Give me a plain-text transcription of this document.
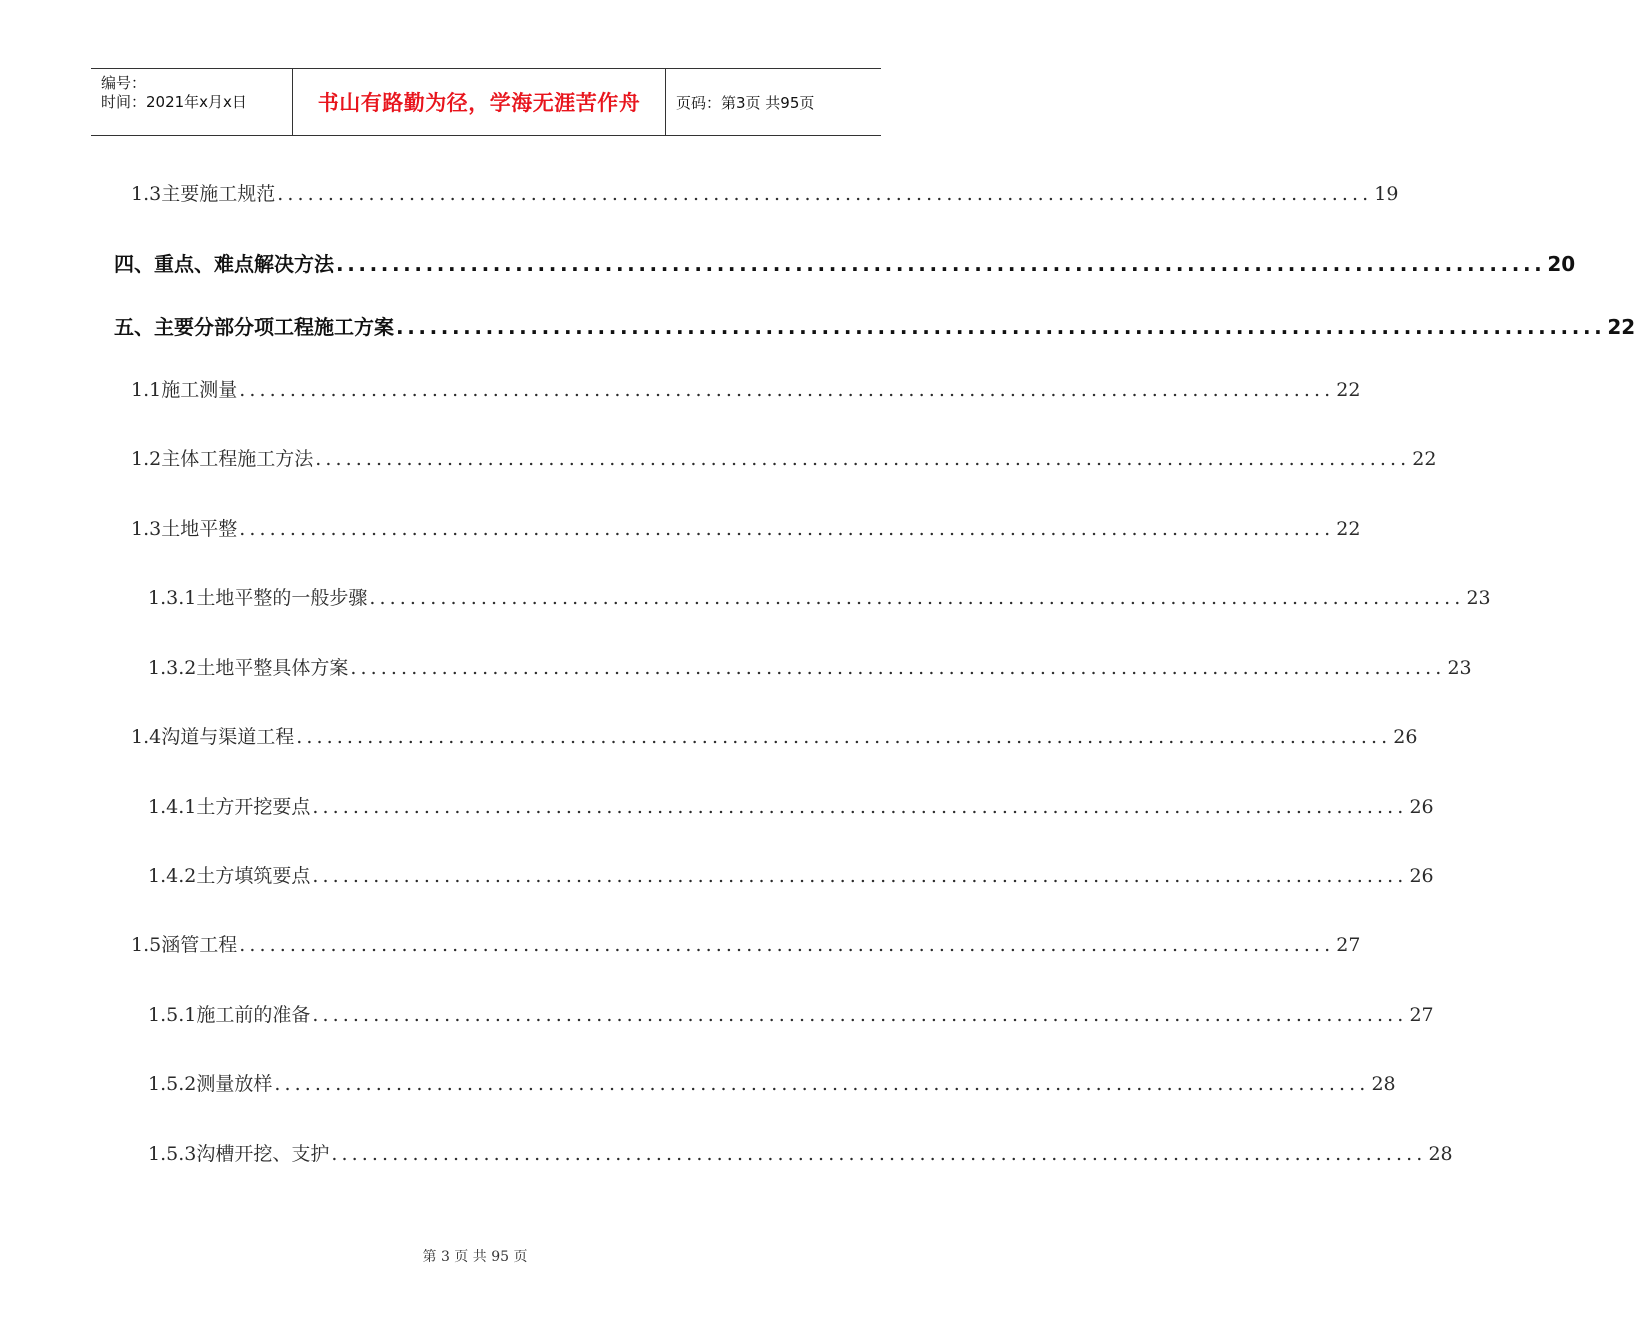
编号：
时间：2021年x月x日	书山有路勤为径，学海无涯苦作舟 页码：第3页 共95页
1.3主要施工规范 ............................................................................................................ 19
四、重点、难点解决方法 ............................................................................................................ 20
五、主要分部分项工程施工方案 ............................................................................................................ 22
1.1施工测量 ............................................................................................................ 22
1.2主体工程施工方法 ............................................................................................................ 22
1.3土地平整 ............................................................................................................ 22
1.3.1土地平整的一般步骤 ............................................................................................................ 23
1.3.2土地平整具体方案 ............................................................................................................ 23
1.4沟道与渠道工程 ............................................................................................................ 26
1.4.1土方开挖要点 ............................................................................................................ 26
1.4.2土方填筑要点 ............................................................................................................ 26
1.5涵管工程 ............................................................................................................ 27
1.5.1施工前的准备 ............................................................................................................ 27
1.5.2测量放样 ............................................................................................................ 28
1.5.3沟槽开挖、支护 ............................................................................................................ 28
第 3 页 共 95 页
